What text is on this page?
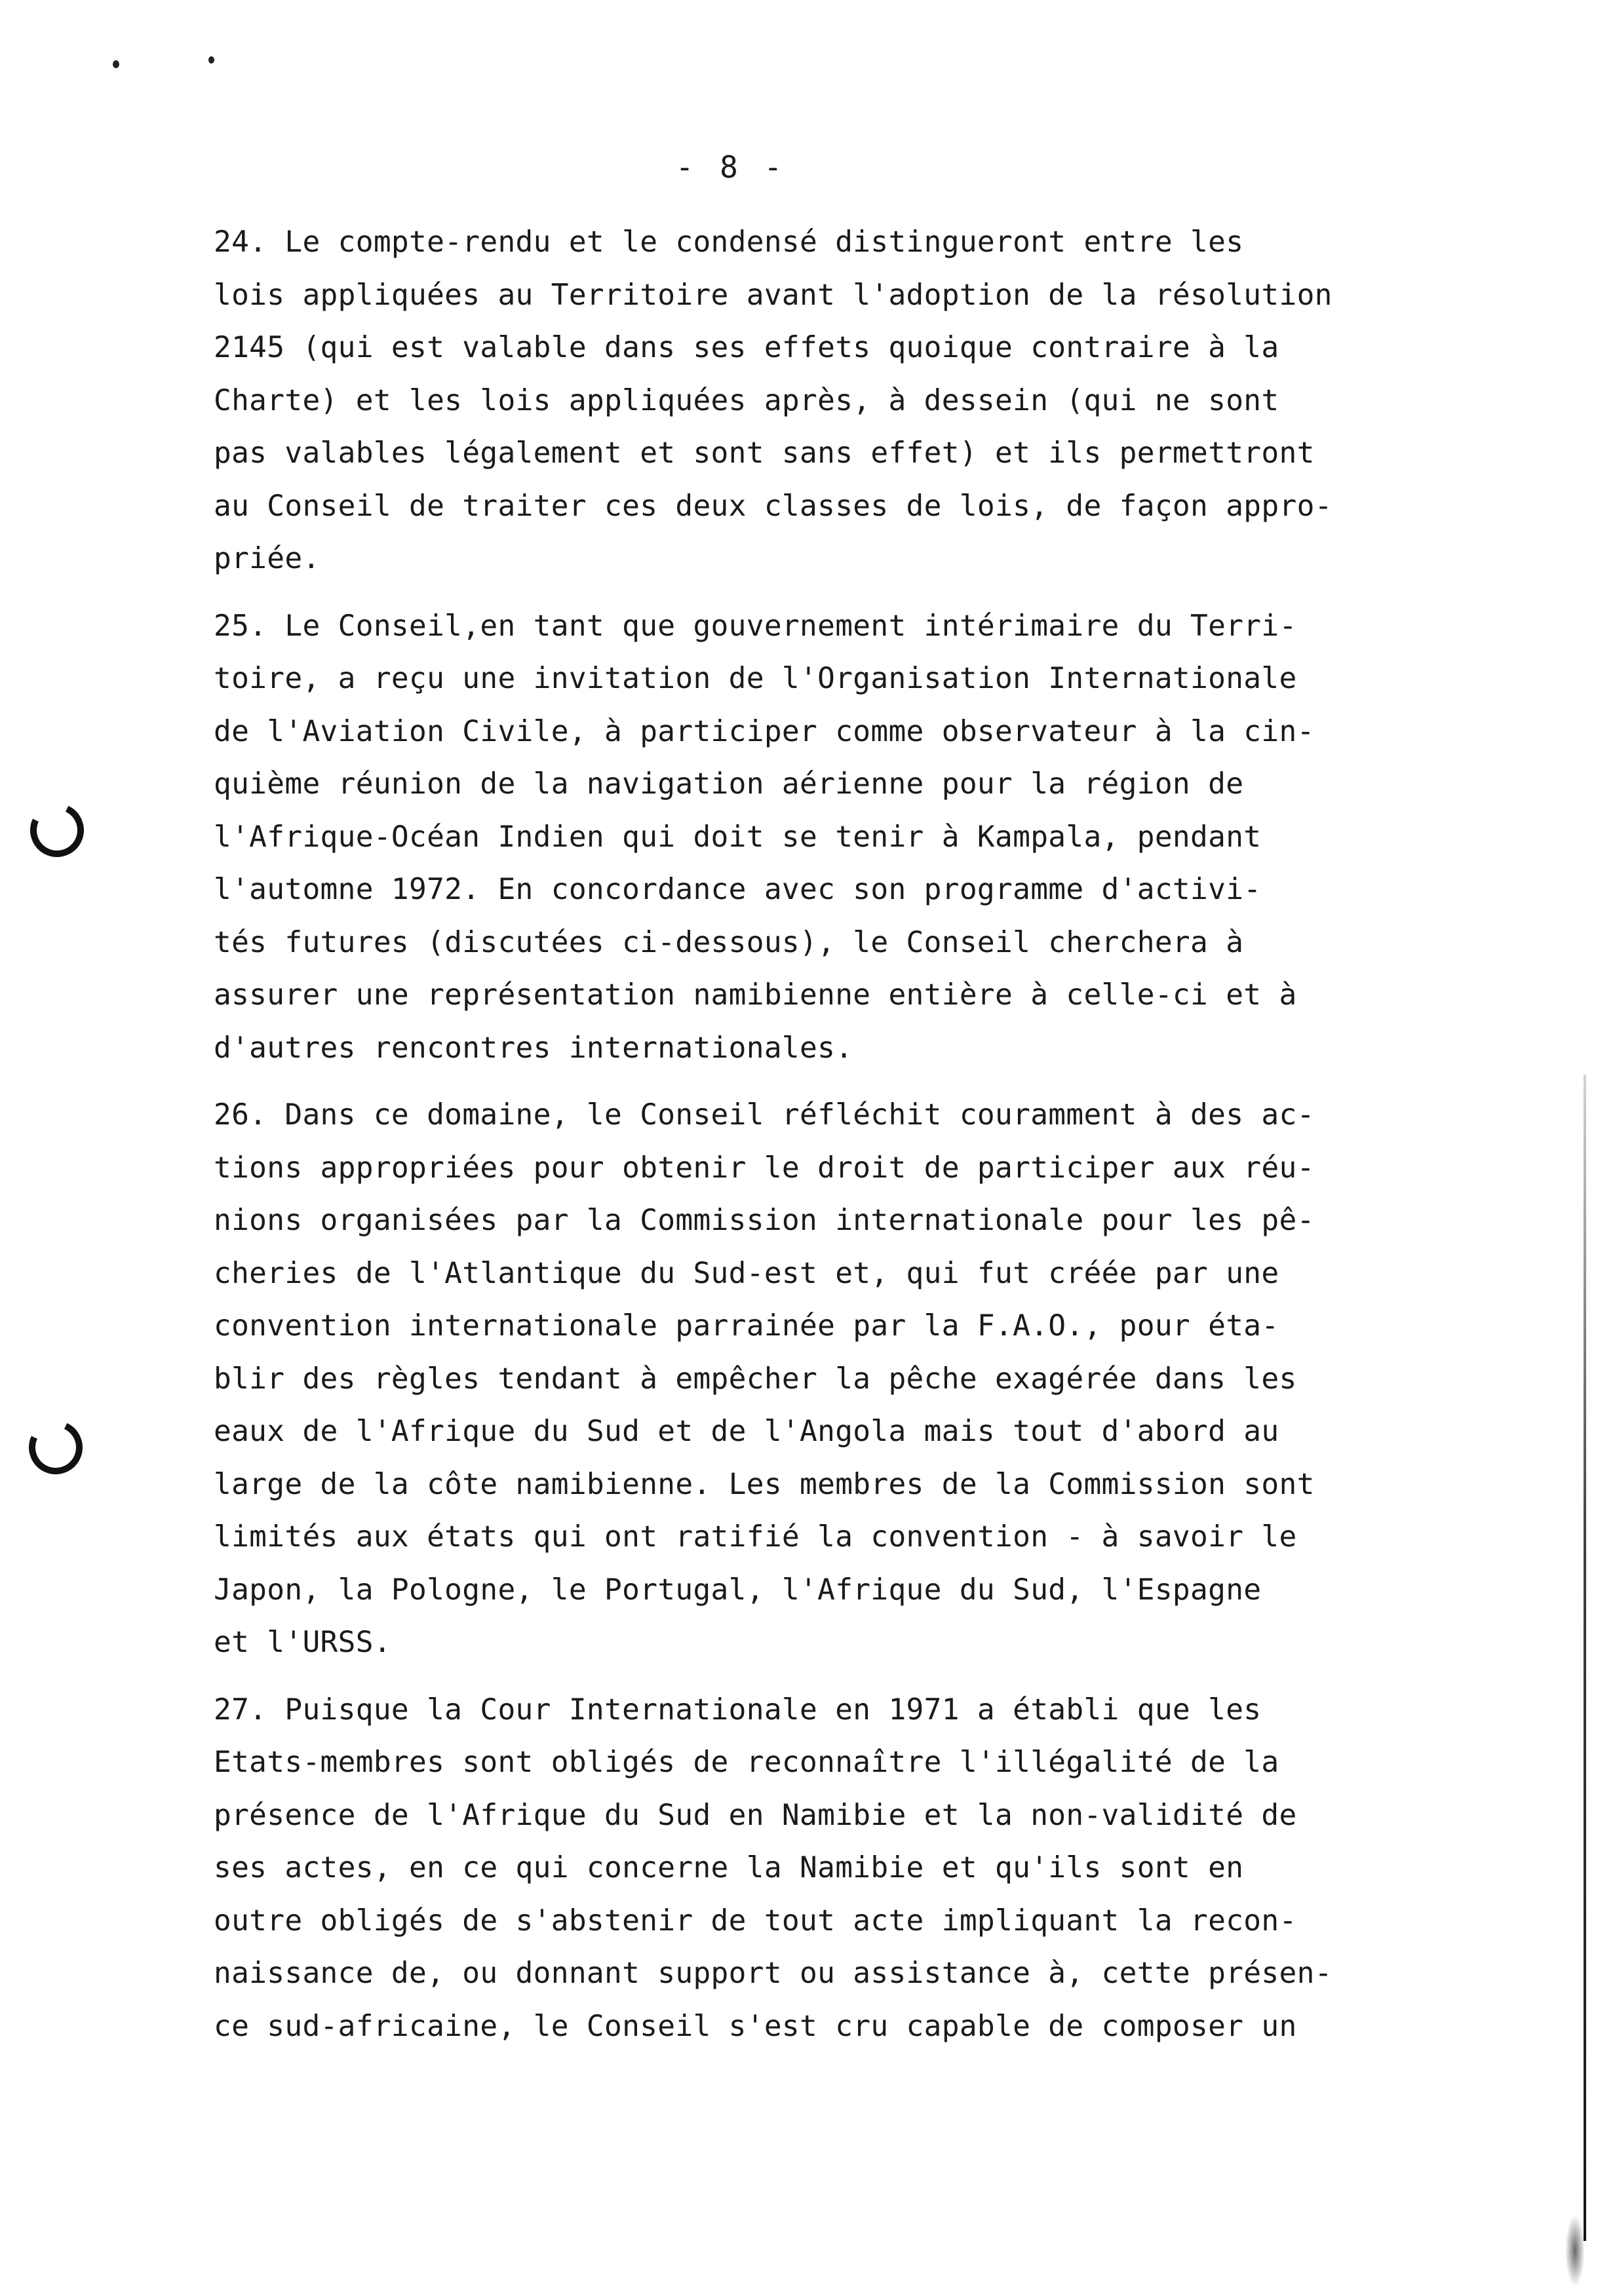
- 8 -
24. Le compte-rendu et le condensé distingueront entre les
lois appliquées au Territoire avant l'adoption de la résolution
2145 (qui est valable dans ses effets quoique contraire à la
Charte) et les lois appliquées après, à dessein (qui ne sont
pas valables légalement et sont sans effet) et ils permettront
au Conseil de traiter ces deux classes de lois, de façon appro-
priée.
25. Le Conseil,en tant que gouvernement intérimaire du Terri-
toire, a reçu une invitation de l'Organisation Internationale
de l'Aviation Civile, à participer comme observateur à la cin-
quième réunion de la navigation aérienne pour la région de
l'Afrique-Océan Indien qui doit se tenir à Kampala, pendant
l'automne 1972. En concordance avec son programme d'activi-
tés futures (discutées ci-dessous), le Conseil cherchera à
assurer une représentation namibienne entière à celle-ci et à
d'autres rencontres internationales.
26. Dans ce domaine, le Conseil réfléchit couramment à des ac-
tions appropriées pour obtenir le droit de participer aux réu-
nions organisées par la Commission internationale pour les pê-
cheries de l'Atlantique du Sud-est et, qui fut créée par une
convention internationale parrainée par la F.A.O., pour éta-
blir des règles tendant à empêcher la pêche exagérée dans les
eaux de l'Afrique du Sud et de l'Angola mais tout d'abord au
large de la côte namibienne. Les membres de la Commission sont
limités aux états qui ont ratifié la convention - à savoir le
Japon, la Pologne, le Portugal, l'Afrique du Sud, l'Espagne
et l'URSS.
27. Puisque la Cour Internationale en 1971 a établi que les
Etats-membres sont obligés de reconnaître l'illégalité de la
présence de l'Afrique du Sud en Namibie et la non-validité de
ses actes, en ce qui concerne la Namibie et qu'ils sont en
outre obligés de s'abstenir de tout acte impliquant la recon-
naissance de, ou donnant support ou assistance à, cette présen-
ce sud-africaine, le Conseil s'est cru capable de composer un
